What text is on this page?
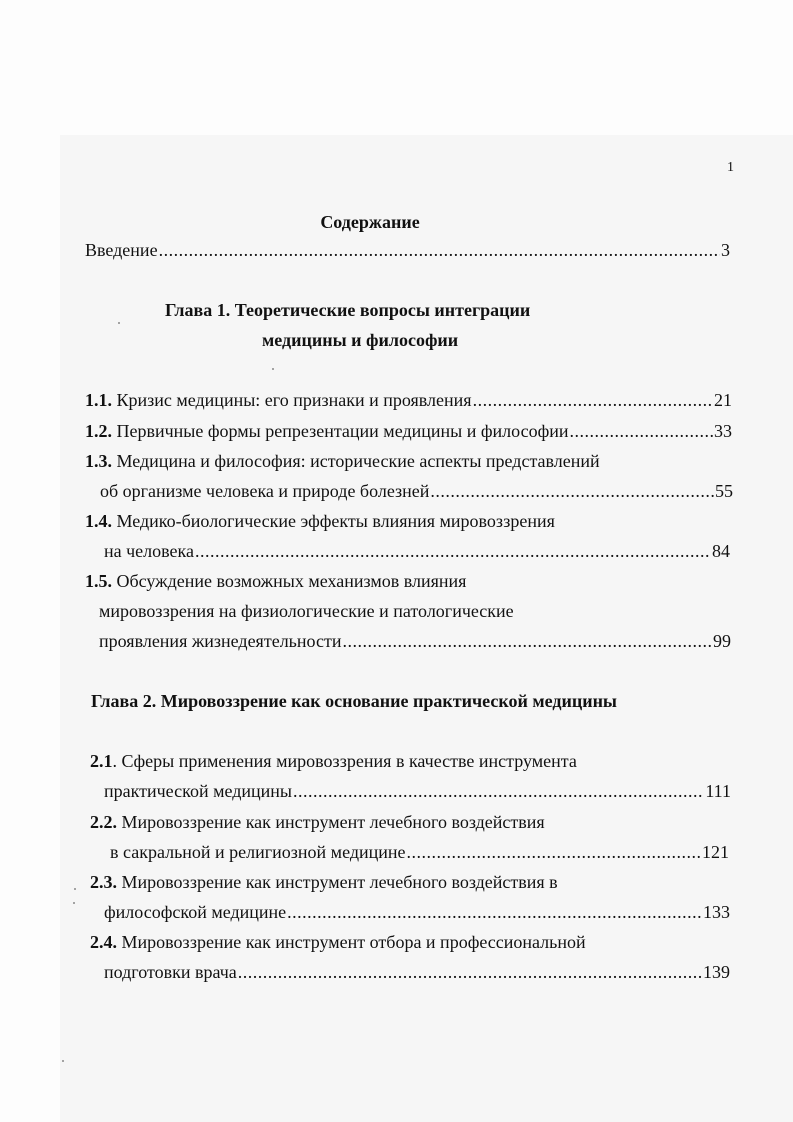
1
Содержание
Введение .....	3
Глава 1. Теоретические вопросы интеграции
медицины и философии
1.1. Кризис медицины: его признаки и проявления .....	21
1.2. Первичные формы репрезентации медицины и философии .....	33
1.3. Медицина и философия: исторические аспекты представлений
об организме человека и природе болезней .....	55
1.4. Медико-биологические эффекты влияния мировоззрения
на человека .....	84
1.5. Обсуждение возможных механизмов влияния
мировоззрения на физиологические и патологические
проявления жизнедеятельности .....	99
Глава 2. Мировоззрение как основание практической медицины
2.1. Сферы применения мировоззрения в качестве инструмента
практической медицины .....	111
2.2. Мировоззрение как инструмент лечебного воздействия
в сакральной и религиозной медицине .....	121
2.3. Мировоззрение как инструмент лечебного воздействия в
философской медицине .....	133
2.4. Мировоззрение как инструмент отбора и профессиональной
подготовки врача .....	139
